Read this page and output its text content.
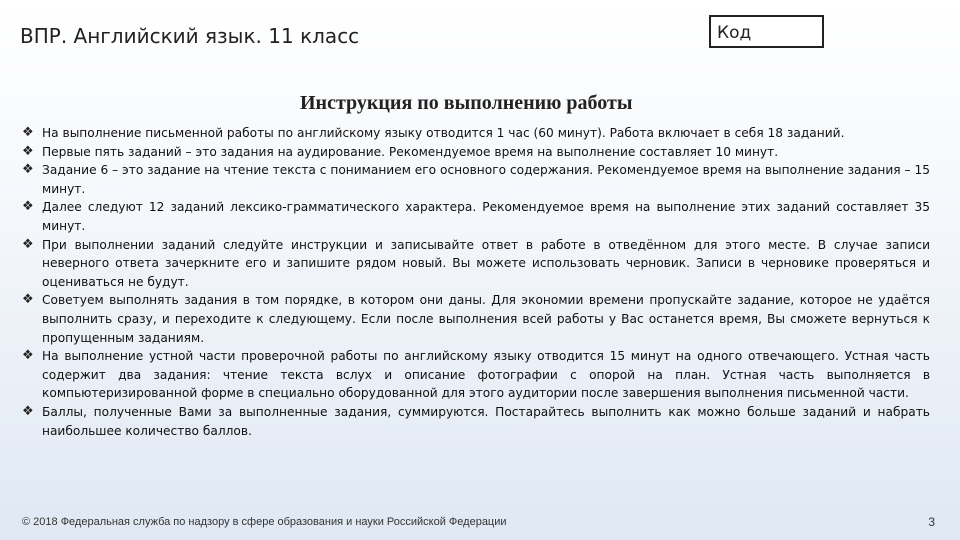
ВПР. Английский язык. 11 класс	Код
Инструкция по выполнению работы
❖ На выполнение письменной работы по английскому языку отводится 1 час (60 минут). Работа включает в себя 18 заданий.
❖ Первые пять заданий – это задания на аудирование. Рекомендуемое время на выполнение составляет 10 минут.
❖ Задание 6 – это задание на чтение текста с пониманием его основного содержания. Рекомендуемое время на выполнение задания – 15 минут.
❖ Далее следуют 12 заданий лексико-грамматического характера. Рекомендуемое время на выполнение этих заданий составляет 35 минут.
❖ При выполнении заданий следуйте инструкции и записывайте ответ в работе в отведённом для этого месте. В случае записи неверного ответа зачеркните его и запишите рядом новый. Вы можете использовать черновик. Записи в черновике проверяться и оцениваться не будут.
❖ Советуем выполнять задания в том порядке, в котором они даны. Для экономии времени пропускайте задание, которое не удаётся выполнить сразу, и переходите к следующему. Если после выполнения всей работы у Вас останется время, Вы сможете вернуться к пропущенным заданиям.
❖ На выполнение устной части проверочной работы по английскому языку отводится 15 минут на одного отвечающего. Устная часть содержит два задания: чтение текста вслух и описание фотографии с опорой на план. Устная часть выполняется в компьютеризированной форме в специально оборудованной для этого аудитории после завершения выполнения письменной части.
❖ Баллы, полученные Вами за выполненные задания, суммируются. Постарайтесь выполнить как можно больше заданий и набрать наибольшее количество баллов.
© 2018 Федеральная служба по надзору в сфере образования и науки Российской Федерации	3
